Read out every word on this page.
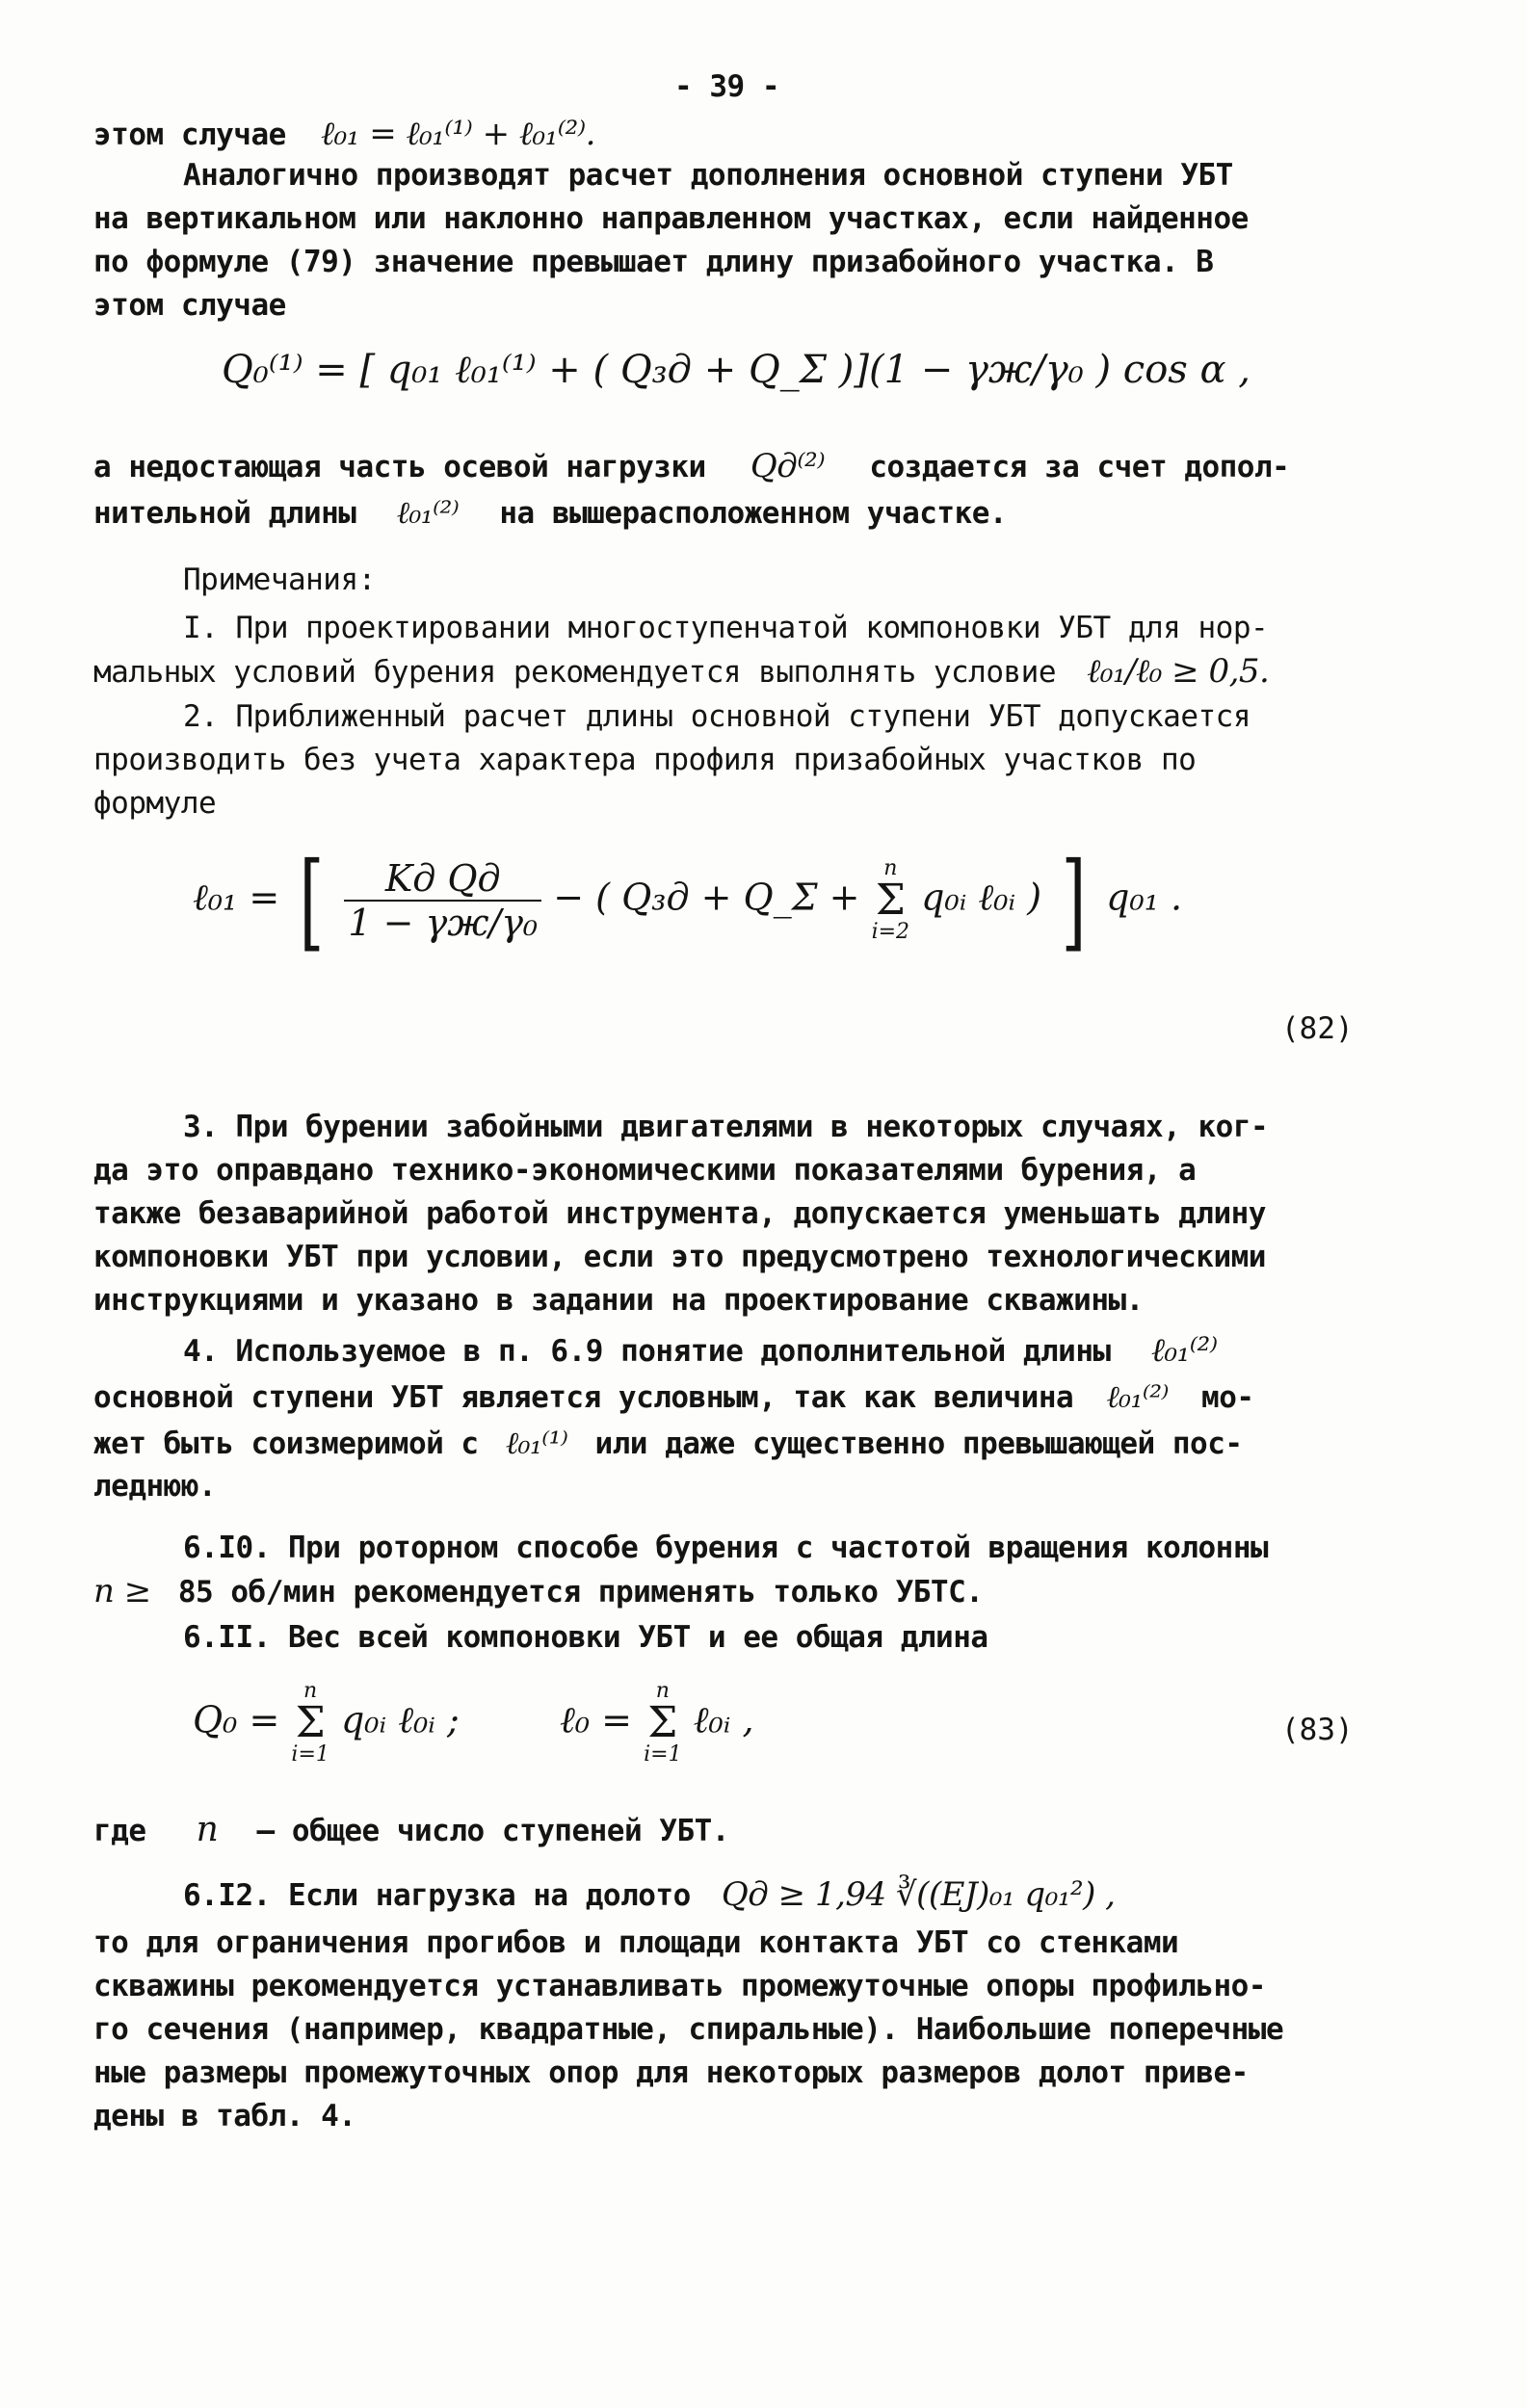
- 39 -
этом случае ℓ₀₁ = ℓ₀₁⁽¹⁾ + ℓ₀₁⁽²⁾.
Аналогично производят расчет дополнения основной ступени УБТ
на вертикальном или наклонно направленном участках, если найденное
по формуле (79) значение превышает длину призабойного участка. В
этом случае
Q₀⁽¹⁾ = [ q₀₁ ℓ₀₁⁽¹⁾ + ( Q₃д + Q_Σ )](1 − γж/γ₀ ) cos α ,
а недостающая часть осевой нагрузки Qд⁽²⁾ создается за счет допол-
нительной длины ℓ₀₁⁽²⁾ на вышерасположенном участке.
Примечания:
I. При проектировании многоступенчатой компоновки УБТ для нор-
мальных условий бурения рекомендуется выполнять условие ℓ₀₁/ℓ₀ ≥ 0,5.
2. Приближенный расчет длины основной ступени УБТ допускается
производить без учета характера профиля призабойных участков по
формуле
ℓ₀₁ = [ $\frac{\text{Kд Qд}}{\text{1 − γж/γ₀}}$ − ( Q₃д + Q_Σ +
n
Σ
i=2
q₀ᵢ ℓ₀ᵢ ) ] q₀₁ .
(82)
3. При бурении забойными двигателями в некоторых случаях, ког-
да это оправдано технико-экономическими показателями бурения, а
также безаварийной работой инструмента, допускается уменьшать длину
компоновки УБТ при условии, если это предусмотрено технологическими
инструкциями и указано в задании на проектирование скважины.
4. Используемое в п. 6.9 понятие дополнительной длины ℓ₀₁⁽²⁾
основной ступени УБТ является условным, так как величина ℓ₀₁⁽²⁾ мо-
жет быть соизмеримой с ℓ₀₁⁽¹⁾ или даже существенно превышающей пос-
леднюю.
6.I0. При роторном способе бурения с частотой вращения колонны
n ≥ 85 об/мин рекомендуется применять только УБТС.
6.II. Вес всей компоновки УБТ и ее общая длина
Q₀ =
n
Σ
i=1
q₀ᵢ ℓ₀ᵢ ;	ℓ₀ =
n
Σ
i=1
ℓ₀ᵢ ,	(83)
где n – общее число ступеней УБТ.
6.I2. Если нагрузка на долото Qд ≥ 1,94 ∛((EJ)₀₁ q₀₁²) ,
то для ограничения прогибов и площади контакта УБТ со стенками
скважины рекомендуется устанавливать промежуточные опоры профильно-
го сечения (например, квадратные, спиральные). Наибольшие поперечные
ные размеры промежуточных опор для некоторых размеров долот приве-
дены в табл. 4.
